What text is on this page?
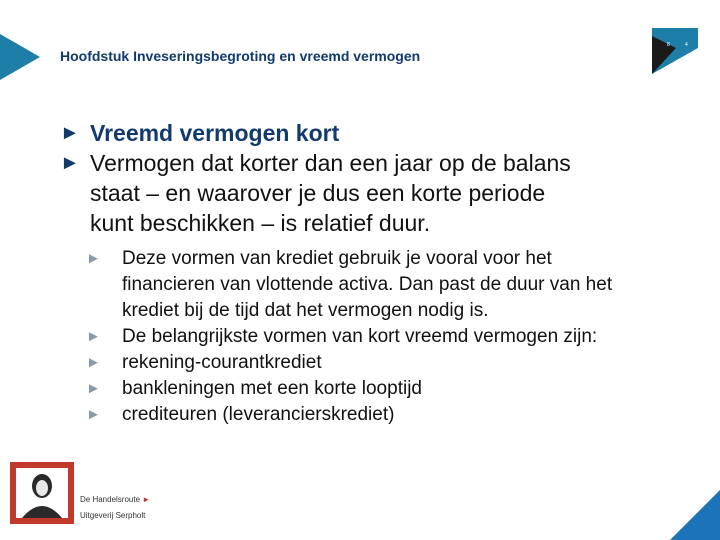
Hoofdstuk Inveseringsbegroting en vreemd vermogen
8	4
► Vreemd vermogen kort
► Vermogen dat korter dan een jaar op de balans
staat – en waarover je dus een korte periode
kunt beschikken – is relatief duur.
►	Deze vormen van krediet gebruik je vooral voor het
financieren van vlottende activa. Dan past de duur van het
krediet bij de tijd dat het vermogen nodig is.
►	De belangrijkste vormen van kort vreemd vermogen zijn:
►	rekening-courantkrediet
►	bankleningen met een korte looptijd
►	crediteuren (leverancierskrediet)
De Handelsroute ►
Uitgeverij Serpholt
25
